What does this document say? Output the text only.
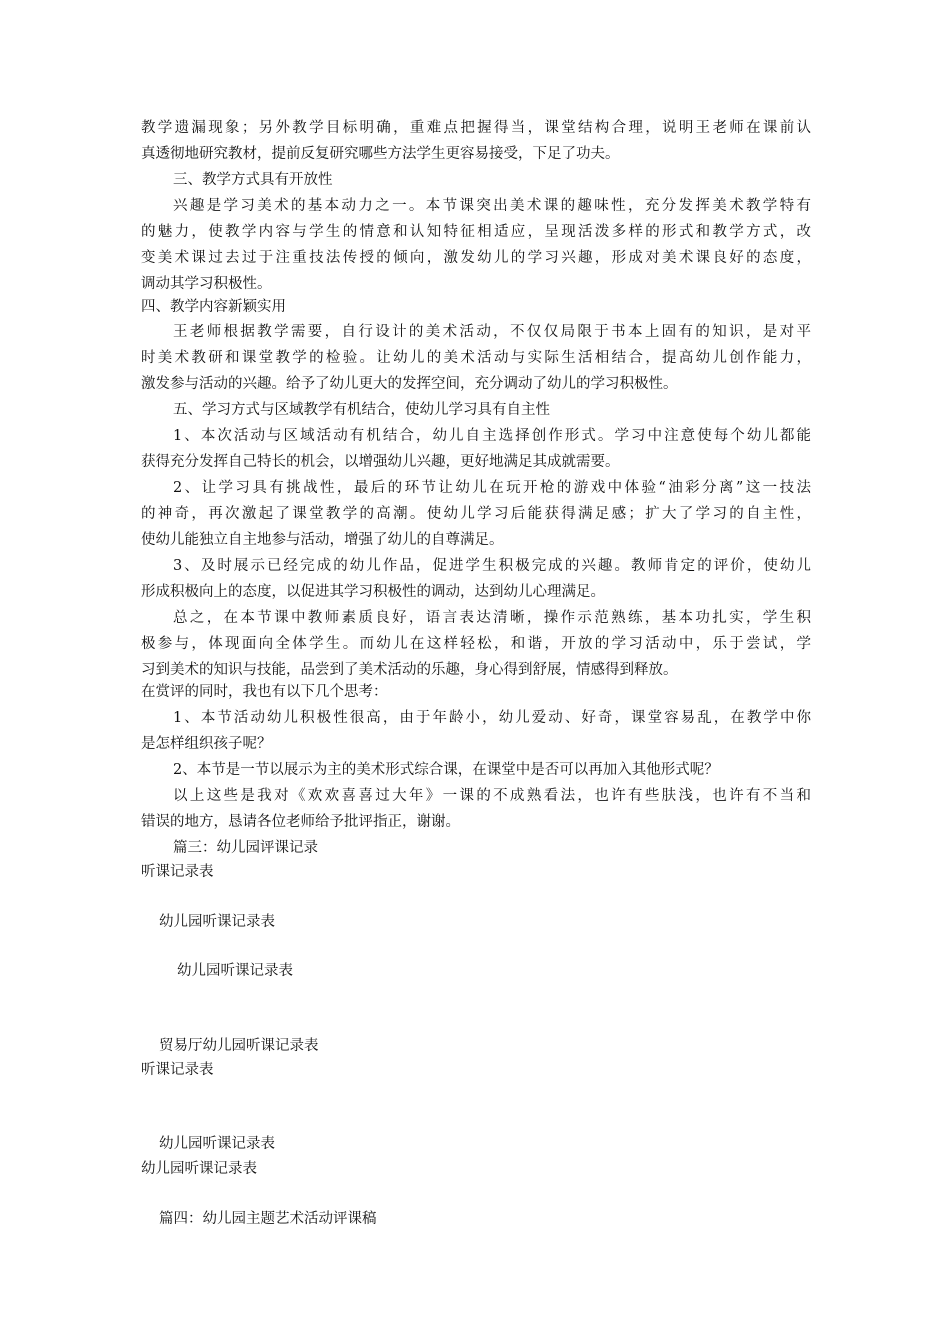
教学遗漏现象；另外教学目标明确，重难点把握得当，课堂结构合理，说明王老师在课前认
真透彻地研究教材，提前反复研究哪些方法学生更容易接受，下足了功夫。
三、教学方式具有开放性
兴趣是学习美术的基本动力之一。本节课突出美术课的趣味性，充分发挥美术教学特有
的魅力，使教学内容与学生的情意和认知特征相适应，呈现活泼多样的形式和教学方式，改
变美术课过去过于注重技法传授的倾向，激发幼儿的学习兴趣，形成对美术课良好的态度，
调动其学习积极性。
四、教学内容新颖实用
王老师根据教学需要，自行设计的美术活动，不仅仅局限于书本上固有的知识，是对平
时美术教研和课堂教学的检验。让幼儿的美术活动与实际生活相结合，提高幼儿创作能力，
激发参与活动的兴趣。给予了幼儿更大的发挥空间，充分调动了幼儿的学习积极性。
五、学习方式与区域教学有机结合，使幼儿学习具有自主性
1、本次活动与区域活动有机结合，幼儿自主选择创作形式。学习中注意使每个幼儿都能
获得充分发挥自己特长的机会，以增强幼儿兴趣，更好地满足其成就需要。
2、让学习具有挑战性，最后的环节让幼儿在玩开枪的游戏中体验“油彩分离”这一技法
的神奇，再次激起了课堂教学的高潮。使幼儿学习后能获得满足感；扩大了学习的自主性，
使幼儿能独立自主地参与活动，增强了幼儿的自尊满足。
3、及时展示已经完成的幼儿作品，促进学生积极完成的兴趣。教师肯定的评价，使幼儿
形成积极向上的态度，以促进其学习积极性的调动，达到幼儿心理满足。
总之，在本节课中教师素质良好，语言表达清晰，操作示范熟练，基本功扎实，学生积
极参与，体现面向全体学生。而幼儿在这样轻松，和谐，开放的学习活动中，乐于尝试，学
习到美术的知识与技能，品尝到了美术活动的乐趣，身心得到舒展，情感得到释放。
在赏评的同时，我也有以下几个思考：
1、本节活动幼儿积极性很高，由于年龄小，幼儿爱动、好奇，课堂容易乱，在教学中你
是怎样组织孩子呢？
2、本节是一节以展示为主的美术形式综合课，在课堂中是否可以再加入其他形式呢？
以上这些是我对《欢欢喜喜过大年》一课的不成熟看法，也许有些肤浅，也许有不当和
错误的地方，恳请各位老师给予批评指正，谢谢。
篇三：幼儿园评课记录
听课记录表
幼儿园听课记录表
幼儿园听课记录表
贸易厅幼儿园听课记录表
听课记录表
幼儿园听课记录表
幼儿园听课记录表
篇四：幼儿园主题艺术活动评课稿
